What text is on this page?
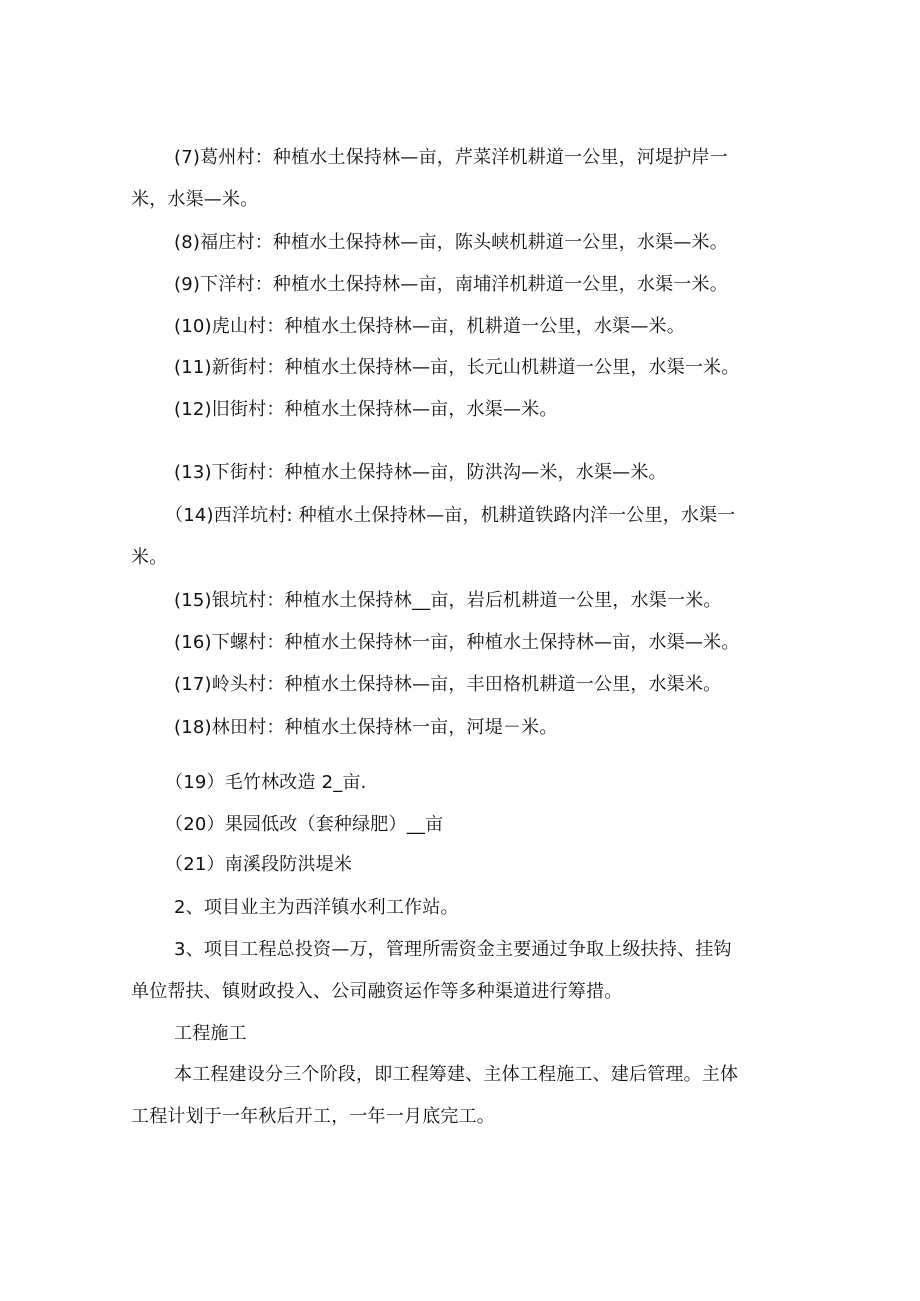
(7)葛州村：种植水土保持林—亩，芹菜洋机耕道一公里，河堤护岸一
米，水渠—米。
(8)福庄村：种植水土保持林—亩，陈头峡机耕道一公里，水渠—米。
(9)下洋村：种植水土保持林—亩，南埔洋机耕道一公里，水渠一米。
(10)虎山村：种植水土保持林—亩，机耕道一公里，水渠—米。
(11)新街村：种植水土保持林—亩，长元山机耕道一公里，水渠一米。
(12)旧街村：种植水土保持林—亩，水渠—米。
(13)下街村：种植水土保持林—亩，防洪沟—米，水渠—米。
（14)西洋坑村: 种植水土保持林—亩，机耕道铁路内洋一公里，水渠一
米。
(15)银坑村：种植水土保持林__亩，岩后机耕道一公里，水渠一米。
(16)下螺村：种植水土保持林一亩，种植水土保持林—亩，水渠—米。
(17)岭头村：种植水土保持林—亩，丰田格机耕道一公里，水渠米。
(18)林田村：种植水土保持林一亩，河堤－米。
（19）毛竹林改造 2_亩.
（20）果园低改（套种绿肥）__亩
（21）南溪段防洪堤米
2、项目业主为西洋镇水利工作站。
3、项目工程总投资—万，管理所需资金主要通过争取上级扶持、挂钩
单位帮扶、镇财政投入、公司融资运作等多种渠道进行筹措。
工程施工
本工程建设分三个阶段，即工程筹建、主体工程施工、建后管理。主体
工程计划于一年秋后开工，一年一月底完工。
